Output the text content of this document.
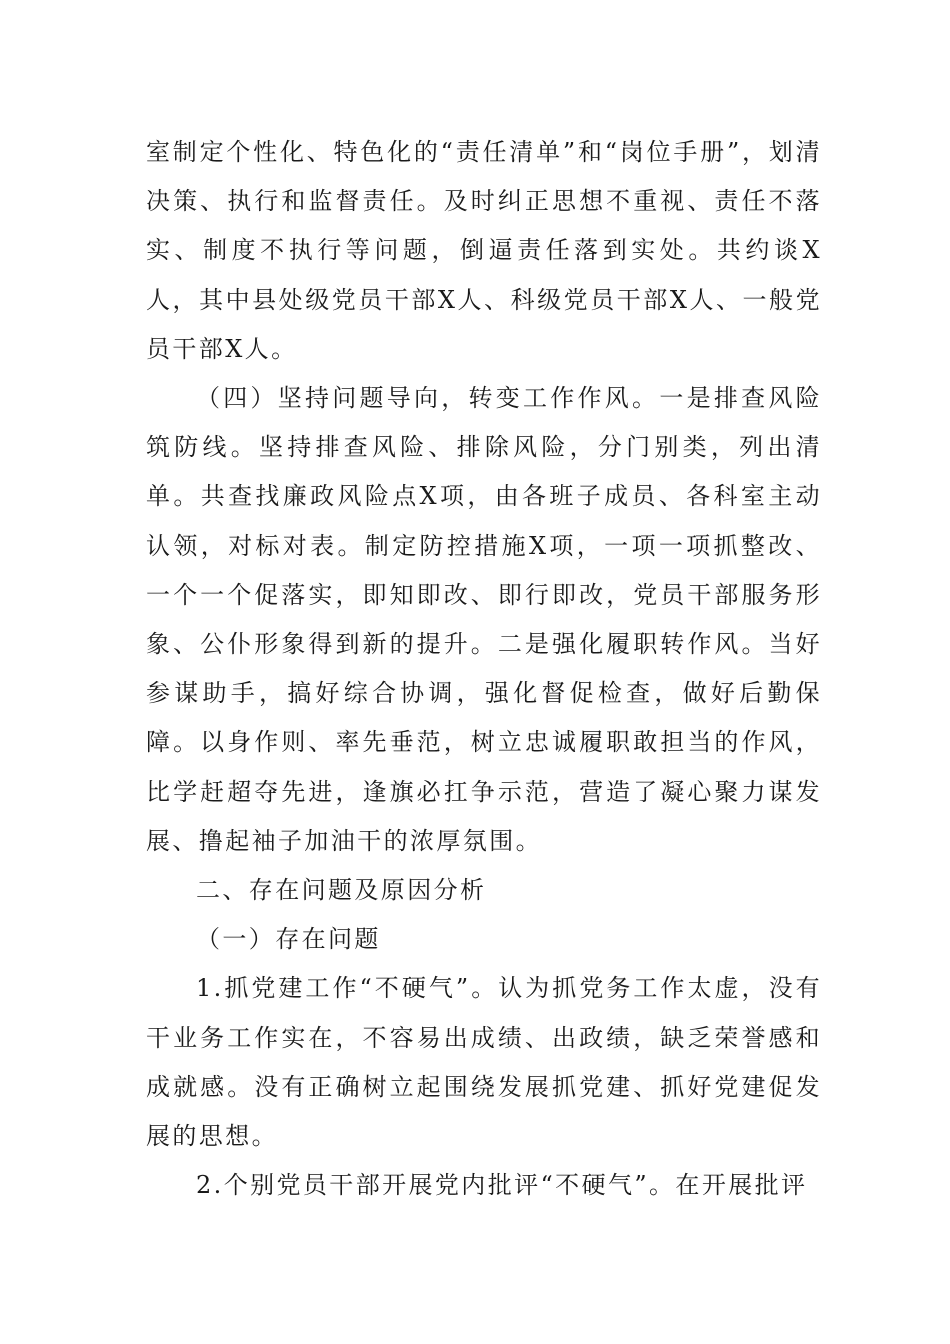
室制定个性化、特色化的“责任清单”和“岗位手册”，划清决策、执行和监督责任。及时纠正思想不重视、责任不落实、制度不执行等问题，倒逼责任落到实处。共约谈X人，其中县处级党员干部X人、科级党员干部X人、一般党员干部X人。

（四）坚持问题导向，转变工作作风。一是排查风险筑防线。坚持排查风险、排除风险，分门别类，列出清单。共查找廉政风险点X项，由各班子成员、各科室主动认领，对标对表。制定防控措施X项，一项一项抓整改、一个一个促落实，即知即改、即行即改，党员干部服务形象、公仆形象得到新的提升。二是强化履职转作风。当好参谋助手，搞好综合协调，强化督促检查，做好后勤保障。以身作则、率先垂范，树立忠诚履职敢担当的作风，比学赶超夺先进，逢旗必扛争示范，营造了凝心聚力谋发展、撸起袖子加油干的浓厚氛围。

二、存在问题及原因分析
（一）存在问题

1.抓党建工作“不硬气”。认为抓党务工作太虚，没有干业务工作实在，不容易出成绩、出政绩，缺乏荣誉感和成就感。没有正确树立起围绕发展抓党建、抓好党建促发展的思想。

2.个别党员干部开展党内批评“不硬气”。在开展批评
